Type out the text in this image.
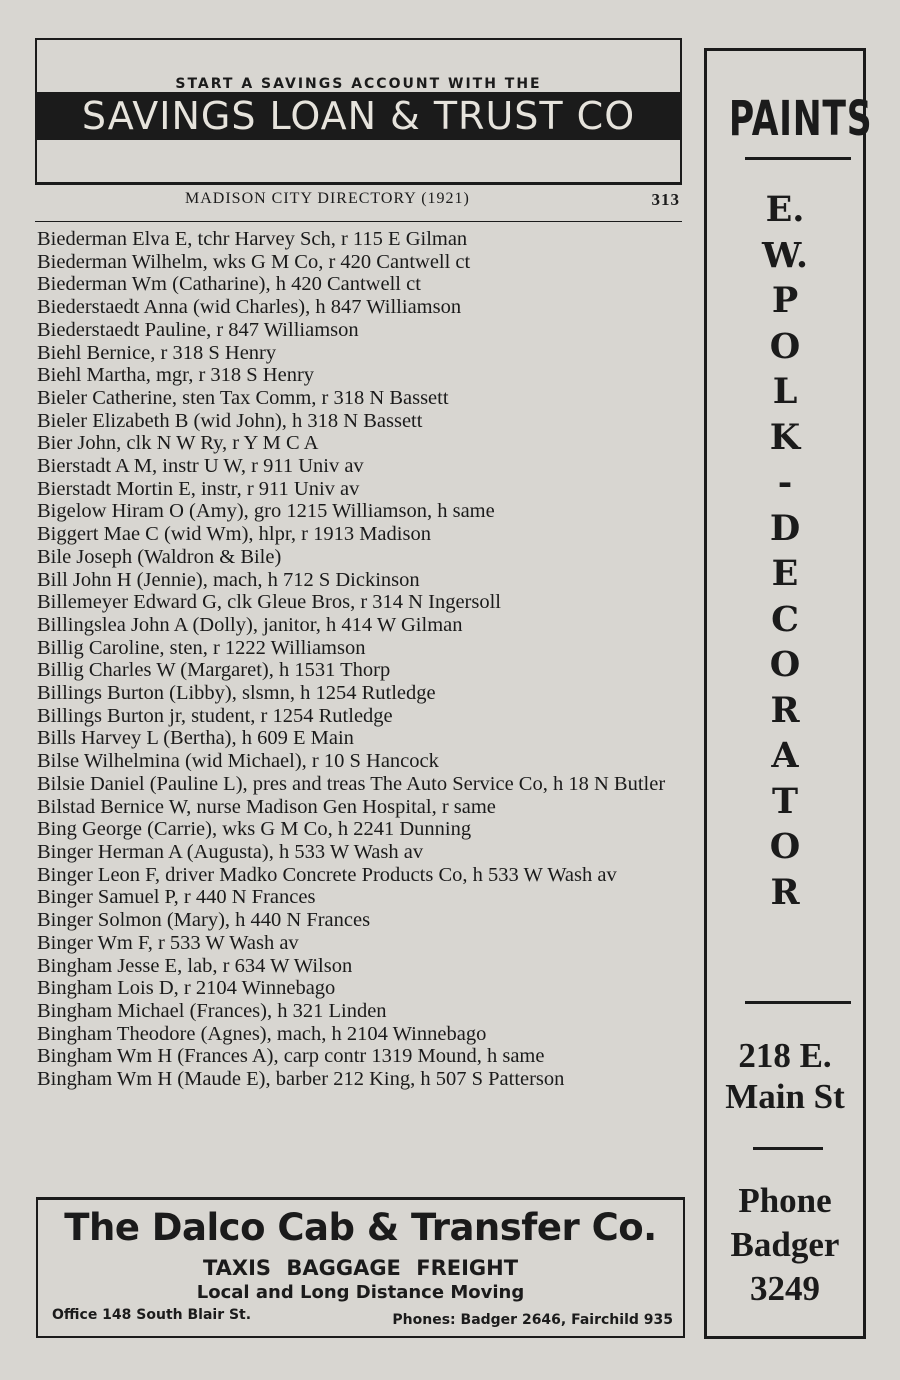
START A SAVINGS ACCOUNT WITH THE
SAVINGS LOAN & TRUST CO
MADISON CITY DIRECTORY (1921)	313
Biederman Elva E, tchr Harvey Sch, r 115 E Gilman
Biederman Wilhelm, wks G M Co, r 420 Cantwell ct
Biederman Wm (Catharine), h 420 Cantwell ct
Biederstaedt Anna (wid Charles), h 847 Williamson
Biederstaedt Pauline, r 847 Williamson
Biehl Bernice, r 318 S Henry
Biehl Martha, mgr, r 318 S Henry
Bieler Catherine, sten Tax Comm, r 318 N Bassett
Bieler Elizabeth B (wid John), h 318 N Bassett
Bier John, clk N W Ry, r Y M C A
Bierstadt A M, instr U W, r 911 Univ av
Bierstadt Mortin E, instr, r 911 Univ av
Bigelow Hiram O (Amy), gro 1215 Williamson, h same
Biggert Mae C (wid Wm), hlpr, r 1913 Madison
Bile Joseph (Waldron & Bile)
Bill John H (Jennie), mach, h 712 S Dickinson
Billemeyer Edward G, clk Gleue Bros, r 314 N Ingersoll
Billingslea John A (Dolly), janitor, h 414 W Gilman
Billig Caroline, sten, r 1222 Williamson
Billig Charles W (Margaret), h 1531 Thorp
Billings Burton (Libby), slsmn, h 1254 Rutledge
Billings Burton jr, student, r 1254 Rutledge
Bills Harvey L (Bertha), h 609 E Main
Bilse Wilhelmina (wid Michael), r 10 S Hancock
Bilsie Daniel (Pauline L), pres and treas The Auto Service Co, h 18 N Butler
Bilstad Bernice W, nurse Madison Gen Hospital, r same
Bing George (Carrie), wks G M Co, h 2241 Dunning
Binger Herman A (Augusta), h 533 W Wash av
Binger Leon F, driver Madko Concrete Products Co, h 533 W Wash av
Binger Samuel P, r 440 N Frances
Binger Solmon (Mary), h 440 N Frances
Binger Wm F, r 533 W Wash av
Bingham Jesse E, lab, r 634 W Wilson
Bingham Lois D, r 2104 Winnebago
Bingham Michael (Frances), h 321 Linden
Bingham Theodore (Agnes), mach, h 2104 Winnebago
Bingham Wm H (Frances A), carp contr 1319 Mound, h same
Bingham Wm H (Maude E), barber 212 King, h 507 S Patterson
The Dalco Cab & Transfer Co.
TAXIS BAGGAGE FREIGHT
Local and Long Distance Moving
Office 148 South Blair St.	Phones: Badger 2646, Fairchild 935
PAINTS
E.
W.
P
O
L
K
-
D
E
C
O
R
A
T
O
R
218 E.
Main St
Phone
Badger
3249
